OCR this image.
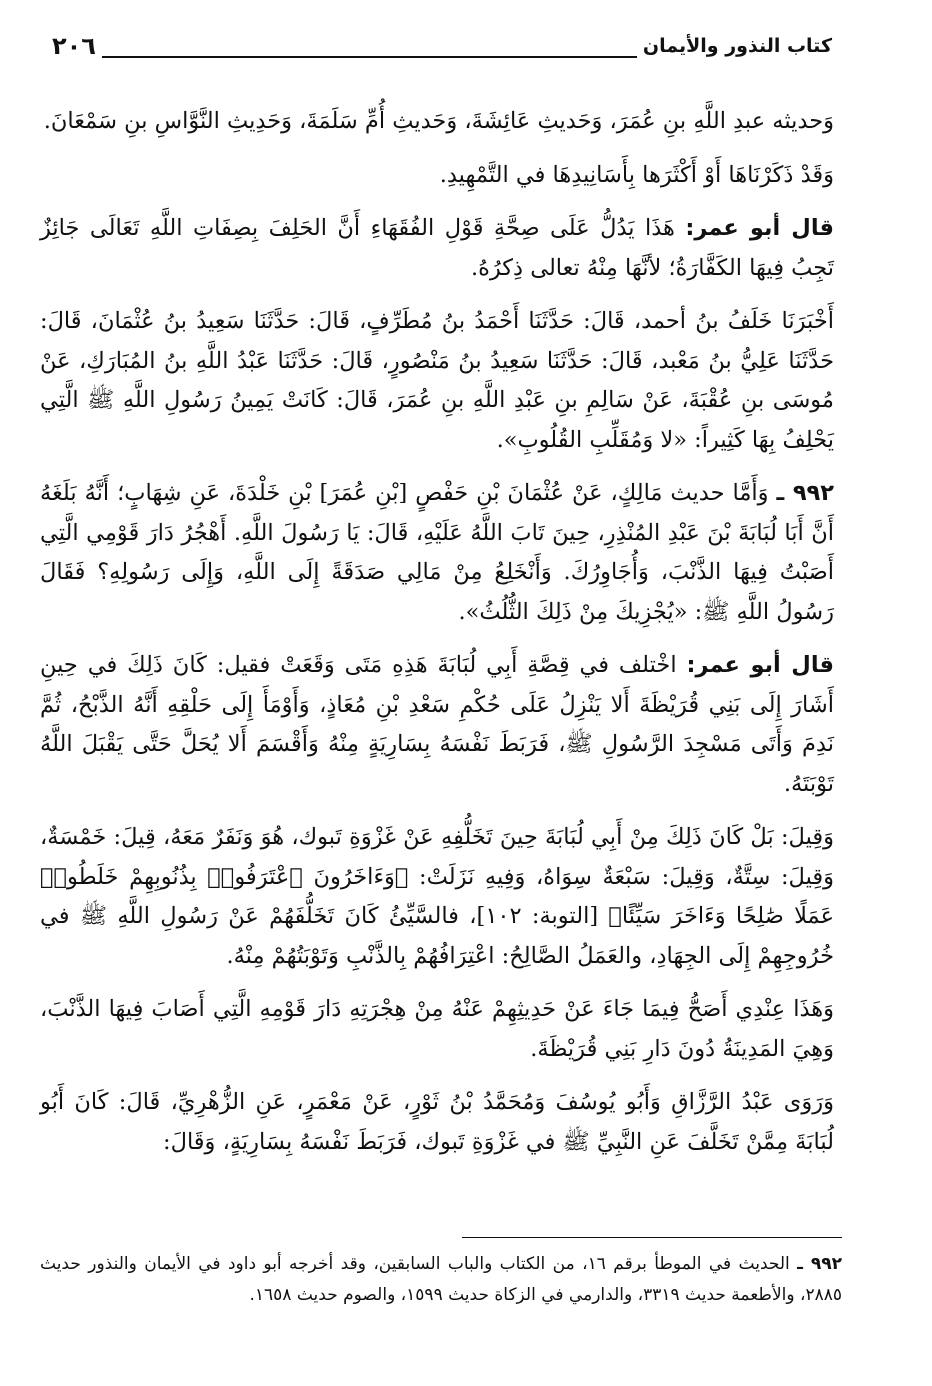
كتاب النذور والأيمان
٢٠٦

وَحديثه عبدِ اللَّهِ بنِ عُمَرَ، وَحَديثِ عَائِشَةَ، وَحَديثِ أُمِّ سَلَمَةَ، وَحَدِيثِ النَّوَّاسِ بنِ سَمْعَانَ.

وَقَدْ ذَكَرْنَاهَا أَوْ أَكْثَرَها بِأَسَانِيدِهَا في التَّمْهِيدِ.

قال أبو عمر: هَذَا يَدُلُّ عَلَى صِحَّةِ قَوْلِ الفُقَهَاءِ أَنَّ الحَلِفَ بِصِفَاتِ اللَّهِ تَعَالَى جَائِزٌ تَجِبُ فِيهَا الكَفَّارَةُ؛ لأنَّهَا مِنْهُ تعالى ذِكرُهُ.

أَخْبَرَنَا خَلَفُ بنُ أحمد، قَالَ: حَدَّثَنَا أَحْمَدُ بنُ مُطَرِّفٍ، قَالَ: حَدَّثَنَا سَعِيدُ بنُ عُثْمَانَ، قَالَ: حَدَّثَنَا عَلِيُّ بنُ مَعْبد، قَالَ: حَدَّثَنَا سَعِيدُ بنُ مَنْصُورٍ، قَالَ: حَدَّثَنَا عَبْدُ اللَّهِ بنُ المُبَارَكِ، عَنْ مُوسَى بنِ عُقْبَةَ، عَنْ سَالِمِ بنِ عَبْدِ اللَّهِ بنِ عُمَرَ، قَالَ: كَانَتْ يَمِينُ رَسُولِ اللَّهِ ﷺ الَّتِي يَحْلِفُ بِهَا كَثِيراً: «لا وَمُقَلِّبِ القُلُوبِ».

٩٩٢ ـ وَأَمَّا حديث مَالِكٍ، عَنْ عُثْمَانَ بْنِ حَفْصٍ [بْنِ عُمَرَ] بْنِ خَلْدَةَ، عَنِ شِهَابٍ؛ أَنَّهُ بَلَغَهُ أَنَّ أَبَا لُبَابَةَ بْنَ عَبْدِ المُنْذِرِ، حِينَ تَابَ اللَّهُ عَلَيْهِ، قَالَ: يَا رَسُولَ اللَّهِ. أَهْجُرُ دَارَ قَوْمِي الَّتِي أَصَبْتُ فِيهَا الذَّنْبَ، وَأُجَاوِرُكَ. وَأَنْخَلِعُ مِنْ مَالِي صَدَقَةً إِلَى اللَّهِ، وَإِلَى رَسُولِهِ؟ فَقَالَ رَسُولُ اللَّهِ ﷺ: «يُجْزِيكَ مِنْ ذَلِكَ الثُّلُثُ».

قال أبو عمر: اخْتلف في قِصَّةِ أَبِي لُبَابَةَ هَذِهِ مَتَى وَقَعَتْ فقيل: كَانَ ذَلِكَ في حِينِ أَشَارَ إِلَى بَنِي قُرَيْظَةَ أَلا يَنْزِلُ عَلَى حُكْمِ سَعْدِ بْنِ مُعَاذٍ، وَأَوْمَأَ إِلَى حَلْقِهِ أَنَّهُ الذَّبْحُ، ثُمَّ نَدِمَ وَأَتَى مَسْجِدَ الرَّسُولِ ﷺ، فَرَبَطَ نَفْسَهُ بِسَارِيَةٍ مِنْهُ وَأَقْسَمَ أَلا يُحَلَّ حَتَّى يَقْبَلَ اللَّهُ تَوْبَتَهُ.

وَقِيلَ: بَلْ كَانَ ذَلِكَ مِنْ أَبِي لُبَابَةَ حِينَ تَخَلُّفِهِ عَنْ غَزْوَةِ تَبوك، هُوَ وَنَفَرٌ مَعَهُ، قِيلَ: خَمْسَةٌ، وَقِيلَ: سِتَّةٌ، وَقِيلَ: سَبْعَةٌ سِوَاهُ، وَفِيهِ نَزَلَتْ: ﴿وَءَاخَرُونَ ٱعْتَرَفُوا۟ بِذُنُوبِهِمْ خَلَطُوا۟ عَمَلًا صَٰلِحًا وَءَاخَرَ سَيِّئًا﴾ [التوبة: ١٠٢]، فالسَّيِّئُ كَانَ تَخَلُّفَهُمْ عَنْ رَسُولِ اللَّهِ ﷺ في خُرُوجِهِمْ إِلَى الجِهَادِ، والعَمَلُ الصَّالِحُ: اعْتِرَافُهُمْ بِالذَّنْبِ وَتَوْبَتُهُمْ مِنْهُ.

وَهَذَا عِنْدِي أَصَحُّ فِيمَا جَاءَ عَنْ حَدِيثِهِمْ عَنْهُ مِنْ هِجْرَتِهِ دَارَ قَوْمِهِ الَّتِي أَصَابَ فِيهَا الذَّنْبَ، وَهِيَ المَدِينَةُ دُونَ دَارِ بَنِي قُرَيْظَةَ.

وَرَوَى عَبْدُ الرَّزَّاقِ وَأَبُو يُوسُفَ وَمُحَمَّدُ بْنُ ثَوْرٍ، عَنْ مَعْمَرٍ، عَنِ الزُّهْرِيِّ، قَالَ: كَانَ أَبُو لُبَابَةَ مِمَّنْ تَخَلَّفَ عَنِ النَّبِيِّ ﷺ في غَزْوَةِ تَبوك، فَرَبَطَ نَفْسَهُ بِسَارِيَةٍ، وَقَالَ:

٩٩٢ ـ الحديث في الموطأ برقم ١٦، من الكتاب والباب السابقين، وقد أخرجه أبو داود في الأيمان والنذور حديث ٢٨٨٥، والأطعمة حديث ٣٣١٩، والدارمي في الزكاة حديث ١٥٩٩، والصوم حديث ١٦٥٨.
